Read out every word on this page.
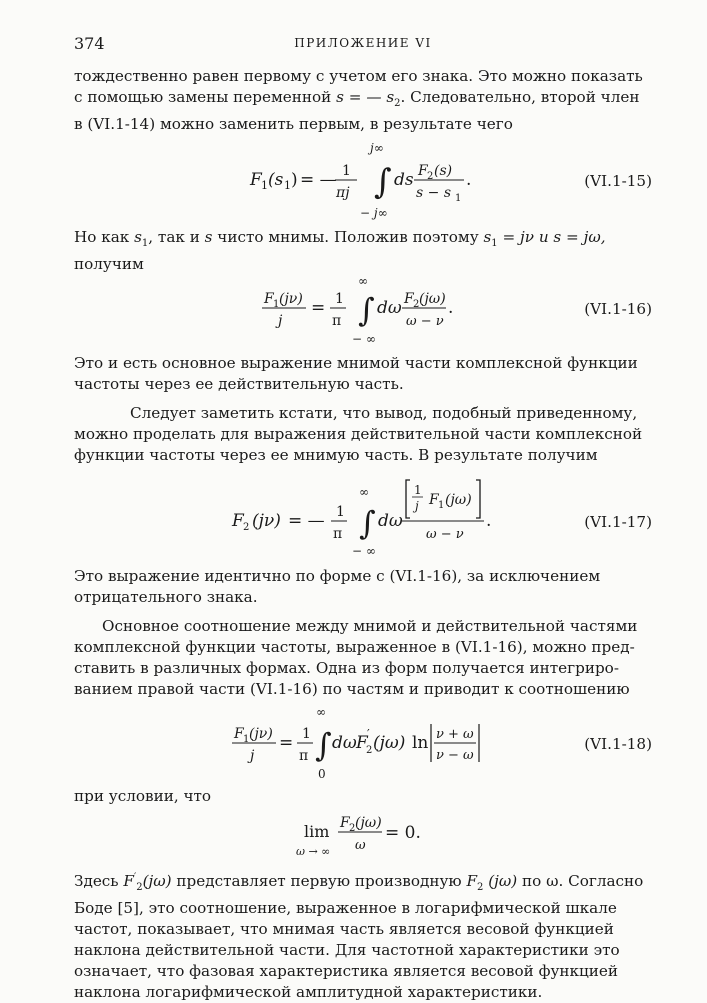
374	ПРИЛОЖЕНИЕ VI

тождественно равен первому с учетом его знака. Это можно показать
с помощью замены переменной s = — $s_2$. Следовательно, второй член
в (VI.1-14) можно заменить первым, в результате чего

F 1 (s 1 ) = — 1
πj
j∞
∫
− j∞
ds F 2 (s)
s − s 1
.	(VI.1-15)

Но как $s_1$, так и s чисто мнимы. Положив поэтому $s_1 = j\nu$ и s = jω,
получим

F 1 (jν)
j
= 1
π
∞
∫
− ∞
dω F 2 (jω)
ω − ν
.	(VI.1-16)

Это и есть основное выражение мнимой части комплексной функции
частоты через ее действительную часть.

Следует заметить кстати, что вывод, подобный приведенному,
можно проделать для выражения действительной части комплексной
функции частоты через ее мнимую часть. В результате получим

F 2 (jν) = — 1
π
∞
∫
− ∞
dω
1
j F 1 (jω)
ω − ν
.	(VI.1-17)

Это выражение идентично по форме с (VI.1-16), за исключением
отрицательного знака.

Основное соотношение между мнимой и действительной частями
комплексной функции частоты, выраженное в (VI.1-16), можно пред-
ставить в различных формах. Одна из форм получается интегриро-
ванием правой части (VI.1-16) по частям и приводит к соотношению

F 1 (jν)
j
= 1
π
∞
∫
0
dω F ′
2 (jω) ln ν + ω
ν − ω
(VI.1-18)

при условии, что

lim
ω → ∞
F 2 (jω)
ω
= 0.

Здесь $F'_2(j\omega)$ представляет первую производную $F_2$ (jω) по ω. Согласно
Боде [5], это соотношение, выраженное в логарифмической шкале
частот, показывает, что мнимая часть является весовой функцией
наклона действительной части. Для частотной характеристики это
означает, что фазовая характеристика является весовой функцией
наклона логарифмической амплитудной характеристики.
